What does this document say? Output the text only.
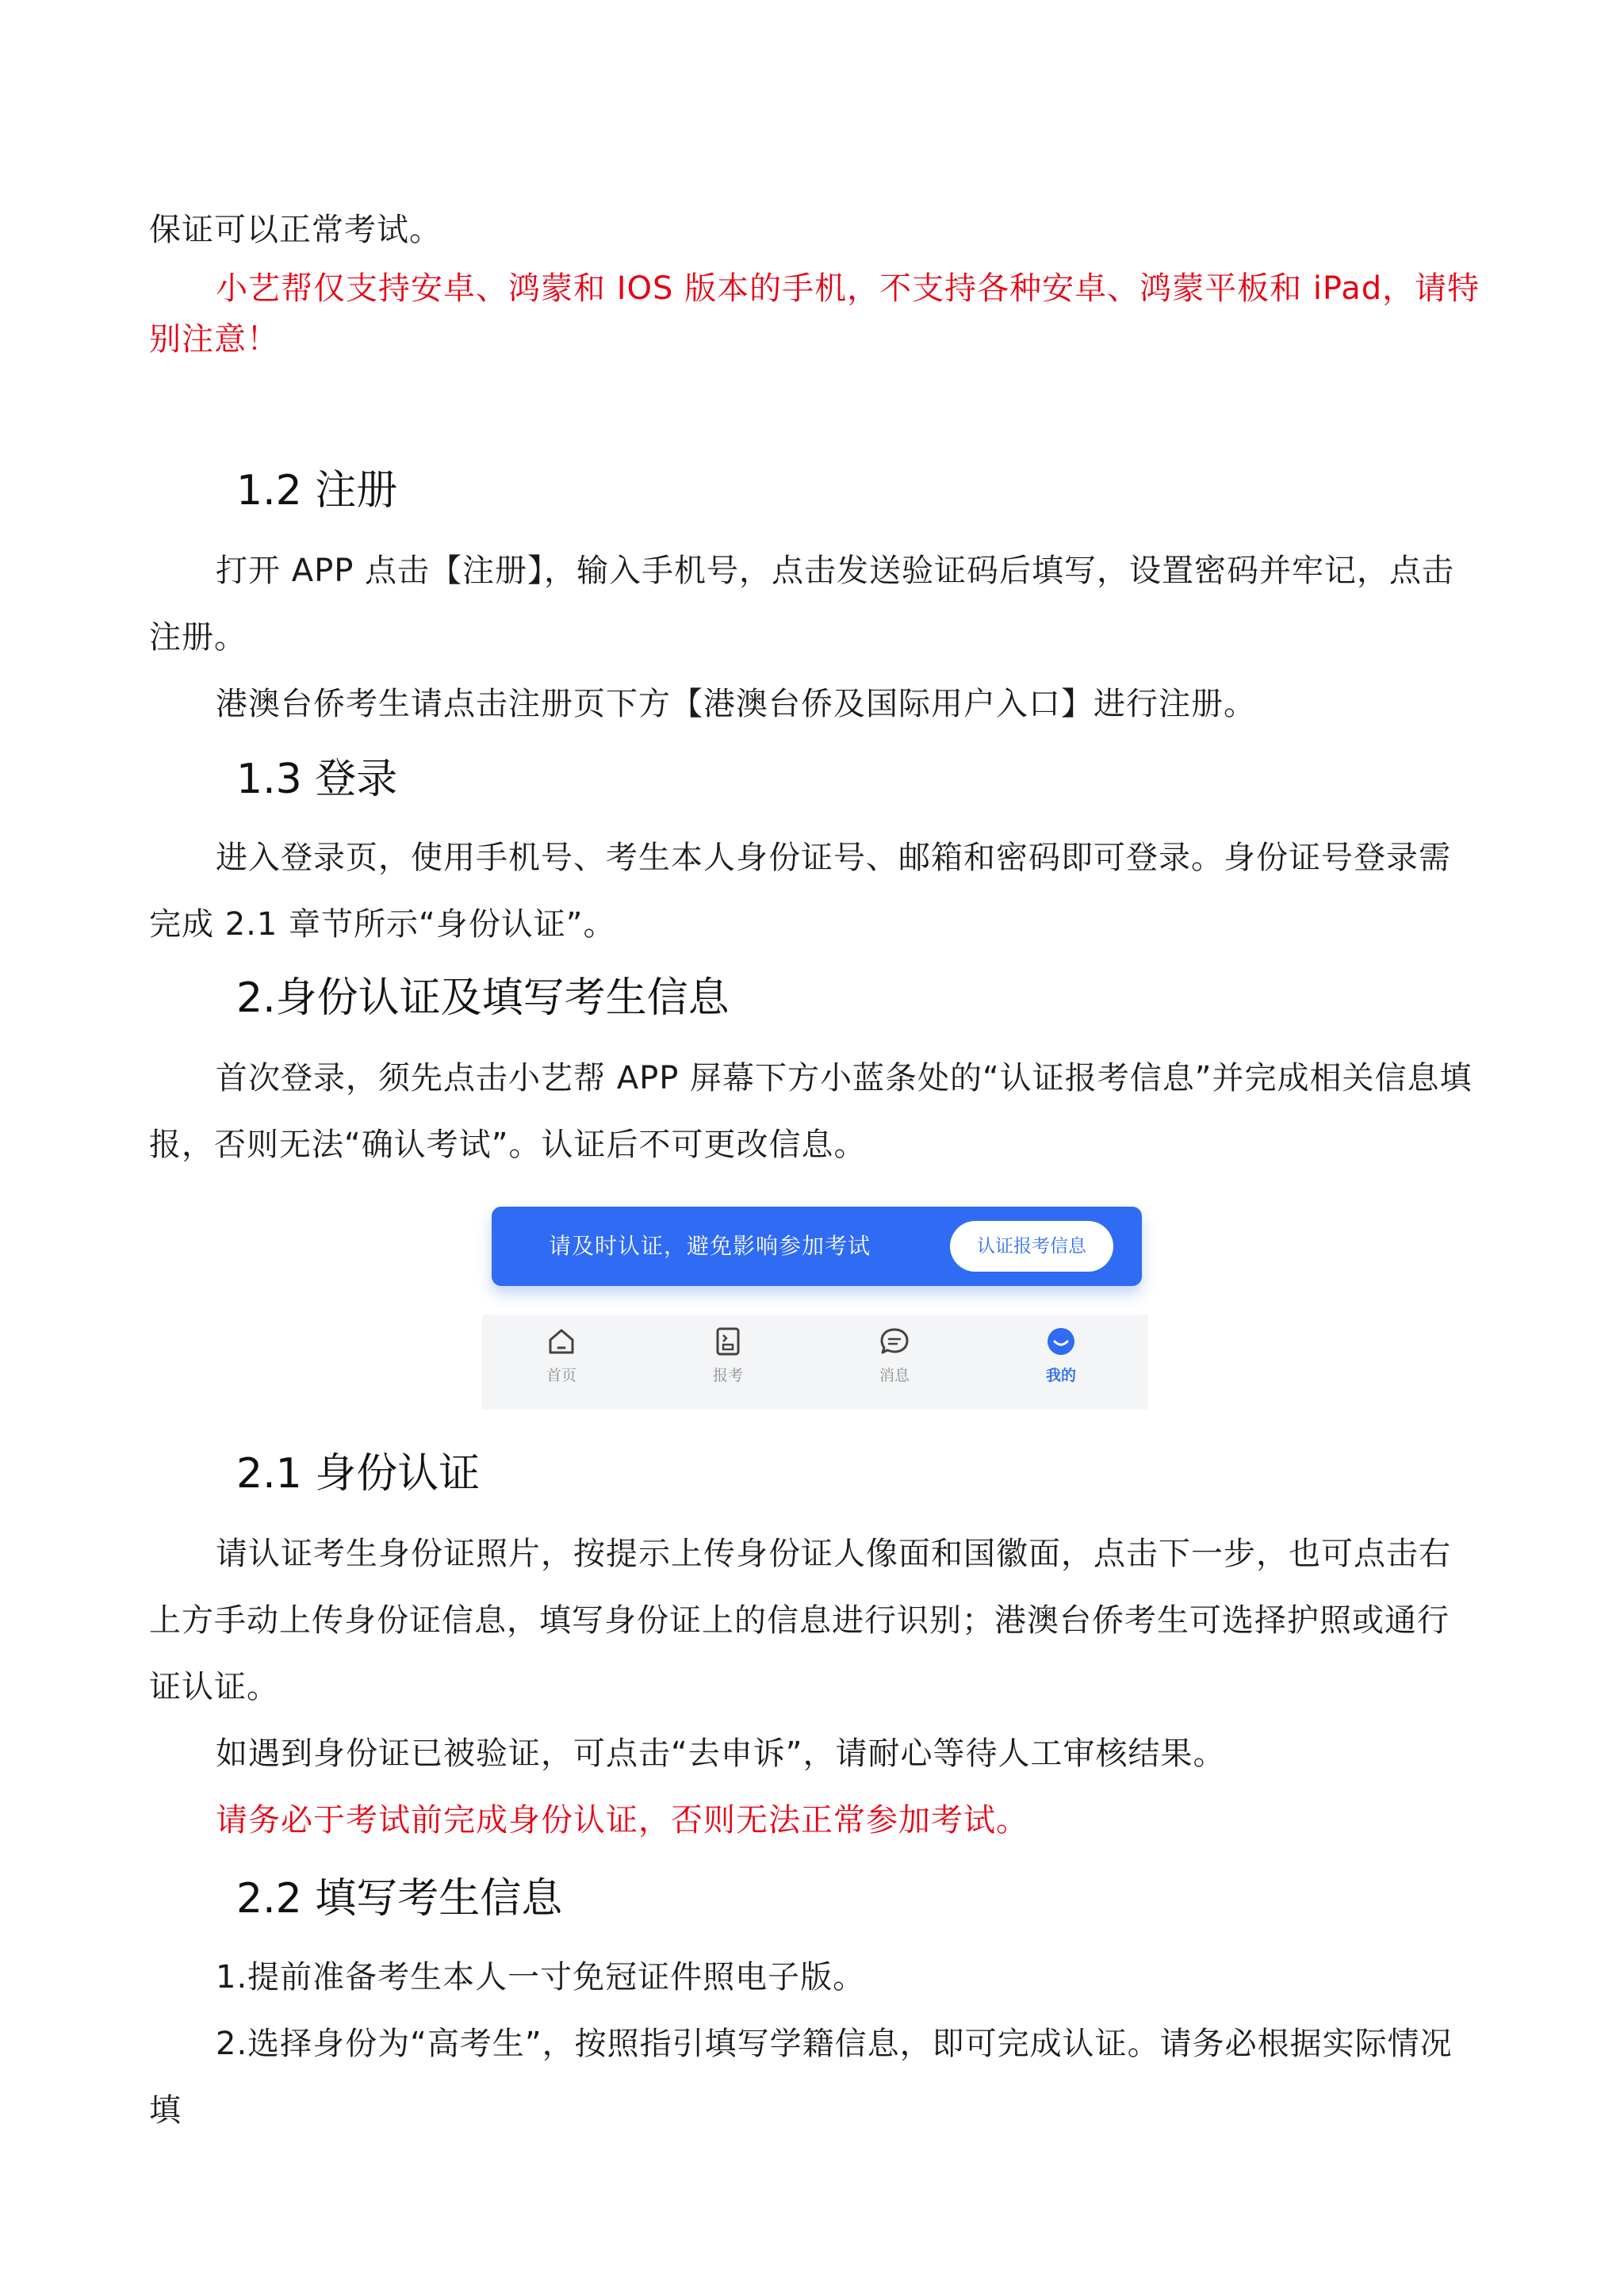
保证可以正常考试。

小艺帮仅支持安卓、鸿蒙和 IOS 版本的手机，不支持各种安卓、鸿蒙平板和 iPad，请特别注意！

1.2 注册

打开 APP 点击【注册】，输入手机号，点击发送验证码后填写，设置密码并牢记，点击注册。

港澳台侨考生请点击注册页下方【港澳台侨及国际用户入口】进行注册。

1.3 登录

进入登录页，使用手机号、考生本人身份证号、邮箱和密码即可登录。身份证号登录需完成 2.1 章节所示“身份认证”。

2.身份认证及填写考生信息

首次登录，须先点击小艺帮 APP 屏幕下方小蓝条处的“认证报考信息”并完成相关信息填报，否则无法“确认考试”。认证后不可更改信息。

请及时认证，避免影响参加考试	认证报考信息
首页	报考	消息	我的
2.1 身份认证

请认证考生身份证照片，按提示上传身份证人像面和国徽面，点击下一步，也可点击右上方手动上传身份证信息，填写身份证上的信息进行识别；港澳台侨考生可选择护照或通行证认证。

如遇到身份证已被验证，可点击“去申诉”，请耐心等待人工审核结果。

请务必于考试前完成身份认证，否则无法正常参加考试。

2.2 填写考生信息

1.提前准备考生本人一寸免冠证件照电子版。

2.选择身份为“高考生”，按照指引填写学籍信息，即可完成认证。请务必根据实际情况填
